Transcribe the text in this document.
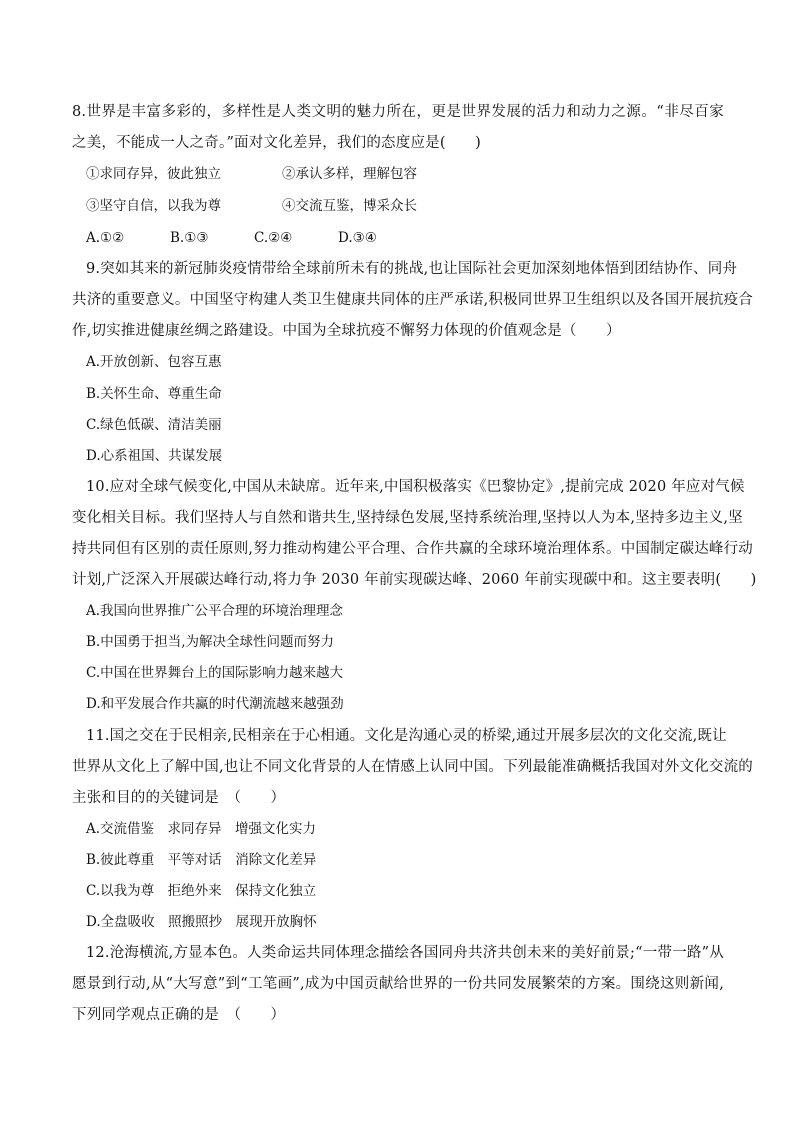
8.世界是丰富多彩的，多样性是人类文明的魅力所在，更是世界发展的活力和动力之源。“非尽百家
之美，不能成一人之奇。”面对文化差异，我们的态度应是(　　)
①求同存异，彼此独立	②承认多样，理解包容
③坚守自信，以我为尊	④交流互鉴，博采众长
A.①②	B.①③	C.②④	D.③④
9.突如其来的新冠肺炎疫情带给全球前所未有的挑战,也让国际社会更加深刻地体悟到团结协作、同舟
共济的重要意义。中国坚守构建人类卫生健康共同体的庄严承诺,积极同世界卫生组织以及各国开展抗疫合
作,切实推进健康丝绸之路建设。中国为全球抗疫不懈努力体现的价值观念是（　　）
A.开放创新、包容互惠
B.关怀生命、尊重生命
C.绿色低碳、清洁美丽
D.心系祖国、共谋发展
10.应对全球气候变化,中国从未缺席。近年来,中国积极落实《巴黎协定》,提前完成 2020 年应对气候
变化相关目标。我们坚持人与自然和谐共生,坚持绿色发展,坚持系统治理,坚持以人为本,坚持多边主义,坚
持共同但有区别的责任原则,努力推动构建公平合理、合作共赢的全球环境治理体系。中国制定碳达峰行动
计划,广泛深入开展碳达峰行动,将力争 2030 年前实现碳达峰、2060 年前实现碳中和。这主要表明(　　)
A.我国向世界推广公平合理的环境治理理念
B.中国勇于担当,为解决全球性问题而努力
C.中国在世界舞台上的国际影响力越来越大
D.和平发展合作共赢的时代潮流越来越强劲
11.国之交在于民相亲,民相亲在于心相通。文化是沟通心灵的桥梁,通过开展多层次的文化交流,既让
世界从文化上了解中国,也让不同文化背景的人在情感上认同中国。下列最能准确概括我国对外文化交流的
主张和目的的关键词是　（　　）
A.交流借鉴　求同存异　增强文化实力
B.彼此尊重　平等对话　消除文化差异
C.以我为尊　拒绝外来　保持文化独立
D.全盘吸收　照搬照抄　展现开放胸怀
12.沧海横流,方显本色。人类命运共同体理念描绘各国同舟共济共创未来的美好前景;“一带一路”从
愿景到行动,从“大写意”到“工笔画”,成为中国贡献给世界的一份共同发展繁荣的方案。围绕这则新闻,
下列同学观点正确的是　（　　）
